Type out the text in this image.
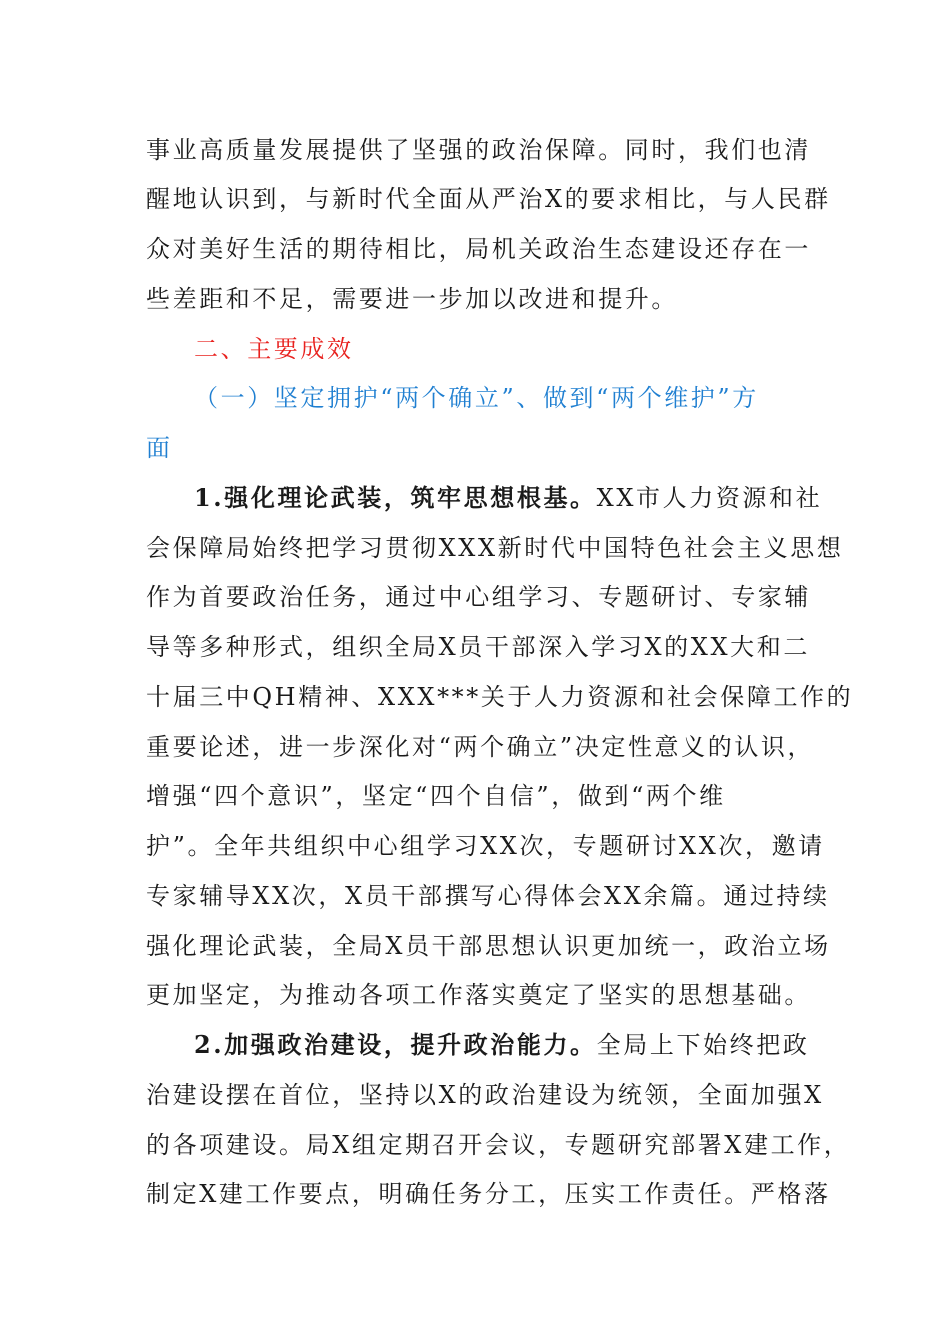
事业高质量发展提供了坚强的政治保障。同时，我们也清
醒地认识到，与新时代全面从严治X的要求相比，与人民群
众对美好生活的期待相比，局机关政治生态建设还存在一
些差距和不足，需要进一步加以改进和提升。
二、主要成效
（一）坚定拥护“两个确立”、做到“两个维护”方
面
1.强化理论武装，筑牢思想根基。XX市人力资源和社
会保障局始终把学习贯彻XXX新时代中国特色社会主义思想
作为首要政治任务，通过中心组学习、专题研讨、专家辅
导等多种形式，组织全局X员干部深入学习X的XX大和二
十届三中QH精神、XXX***关于人力资源和社会保障工作的
重要论述，进一步深化对“两个确立”决定性意义的认识，
增强“四个意识”，坚定“四个自信”，做到“两个维
护”。全年共组织中心组学习XX次，专题研讨XX次，邀请
专家辅导XX次，X员干部撰写心得体会XX余篇。通过持续
强化理论武装，全局X员干部思想认识更加统一，政治立场
更加坚定，为推动各项工作落实奠定了坚实的思想基础。
2.加强政治建设，提升政治能力。全局上下始终把政
治建设摆在首位，坚持以X的政治建设为统领，全面加强X
的各项建设。局X组定期召开会议，专题研究部署X建工作，
制定X建工作要点，明确任务分工，压实工作责任。严格落
